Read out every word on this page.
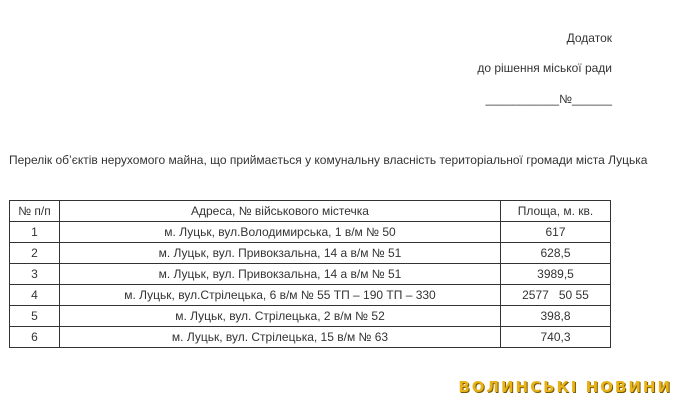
Додаток
до рішення міської ради
___________№______
Перелік об’єктів нерухомого майна, що приймається у комунальну власність територіальної громади міста Луцька
№ п/п	Адреса, № військового містечка	Площа, м. кв.
1	м. Луцьк, вул.Володимирська, 1 в/м № 50	617
2	м. Луцьк, вул. Привокзальна, 14 а в/м № 51	628,5
3	м. Луцьк, вул. Привокзальна, 14 а в/м № 51	3989,5
4	м. Луцьк, вул.Стрілецька, 6 в/м № 55 ТП – 190 ТП – 330	2577   50 55
5	м. Луцьк, вул. Стрілецька, 2 в/м № 52	398,8
6	м. Луцьк, вул. Стрілецька, 15 в/м № 63	740,3
ВОЛИНСЬКІ НОВИНИ
